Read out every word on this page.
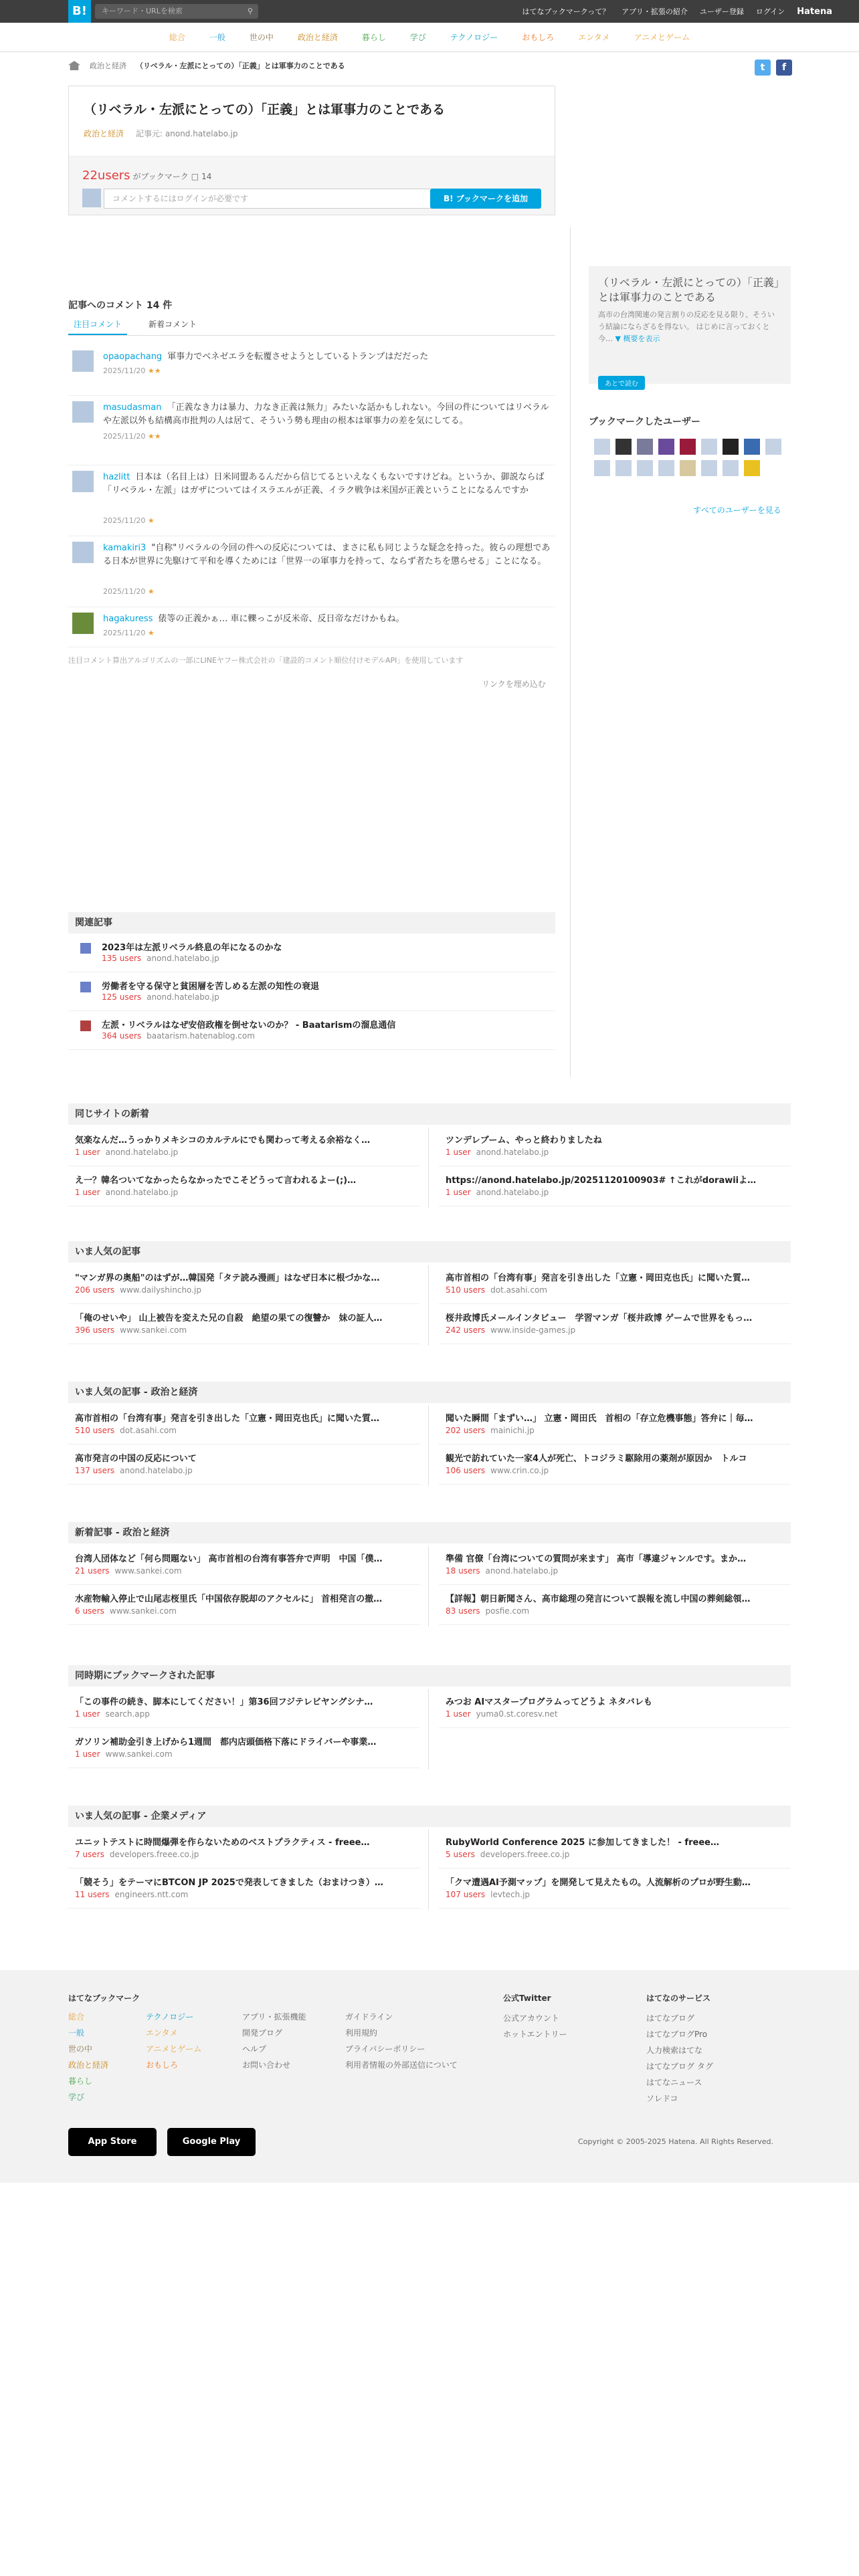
B!	キーワード・URLを検索	⚲	はてなブックマークって？ アプリ・拡張の紹介 ユーザー登録 ログイン Hatena
総合	一般	世の中	政治と経済	暮らし	学び	テクノロジー	おもしろ	エンタメ	アニメとゲーム
政治と経済 （リベラル・左派にとっての）「正義」とは軍事力のことである	t	f
（リベラル・左派にとっての）「正義」とは軍事力のことである
政治と経済 記事元: anond.hatelabo.jp
22users がブックマーク □ 14
コメントするにはログインが必要です	B! ブックマークを追加
記事へのコメント 14 件
注目コメント	新着コメント
opaopachang 軍事力でベネゼエラを転覆させようとしているトランプはだだった
2025/11/20 ★★
masudasman 「正義なき力は暴力、力なき正義は無力」みたいな話かもしれない。今回の件についてはリベラルや左派以外も結構高市批判の人は居て、そういう勢も理由の根本は軍事力の差を気にしてる。
2025/11/20 ★★
hazlitt 日本は（名目上は）日米同盟あるんだから信じてるといえなくもないですけどね。というか、御説ならば「リベラル・左派」はガザについてはイスラエルが正義、イラク戦争は米国が正義ということになるんですか
2025/11/20 ★
kamakiri3 "自称"リベラルの今回の件への反応については、まさに私も同じような疑念を持った。彼らの理想である日本が世界に先駆けて平和を導くためには「世界一の軍事力を持って、ならず者たちを懲らせる」ことになる。
2025/11/20 ★
hagakuress 俵等の正義かぁ… 車に轢っこが反米帝、反日帝なだけかもね。
2025/11/20 ★
注目コメント算出アルゴリズムの一部にLINEヤフー株式会社の「建設的コメント順位付けモデルAPI」を使用しています
リンクを埋め込む
関連記事
2023年は左派リベラル終息の年になるのかな
135 users anond.hatelabo.jp
労働者を守る保守と貧困層を苦しめる左派の知性の衰退
125 users anond.hatelabo.jp
左派・リベラルはなぜ安倍政権を倒せないのか？ - Baatarismの溜息通信
364 users baatarism.hatenablog.com
（リベラル・左派にとっての）「正義」とは軍事力のことである
高市の台湾関連の発言割りの反応を見る限り、そういう結論にならざるを得ない。 はじめに言っておくと今… ▼ 概要を表示
あとで読む
ブックマークしたユーザー
すべてのユーザーを見る
同じサイトの新着
気楽なんだ…うっかりメキシコのカルテルにでも関わって考える余裕なく…
1 user anond.hatelabo.jp
ツンデレブーム、やっと終わりましたね
1 user anond.hatelabo.jp
え一？韓名ついてなかったらなかったでこそどうって言われるよー(;)…
1 user anond.hatelabo.jp
https://anond.hatelabo.jp/20251120100903# ↑これがdorawiiよ…
1 user anond.hatelabo.jp
いま人気の記事
"マンガ界の奥船"のはずが…韓国発「タテ読み漫画」はなぜ日本に根づかな…
206 users www.dailyshincho.jp
高市首相の「台湾有事」発言を引き出した「立憲・岡田克也氏」に聞いた質…
510 users dot.asahi.com
「俺のせいや」 山上被告を変えた兄の自殺　絶望の果ての復讐か　妹の証人…
396 users www.sankei.com
桜井政博氏メールインタビュー　学習マンガ「桜井政博 ゲームで世界をもっ…
242 users www.inside-games.jp
いま人気の記事 - 政治と経済
高市首相の「台湾有事」発言を引き出した「立憲・岡田克也氏」に聞いた質…
510 users dot.asahi.com
聞いた瞬間「まずい…」 立憲・岡田氏　首相の「存立危機事態」答弁に｜毎…
202 users mainichi.jp
高市発言の中国の反応について
137 users anond.hatelabo.jp
観光で訪れていた一家4人が死亡、トコジラミ駆除用の薬剤が原因か　トルコ
106 users www.crin.co.jp
新着記事 - 政治と経済
台湾人団体など「何ら問題ない」 高市首相の台湾有事答弁で声明　中国「僕…
21 users www.sankei.com
準備 官僚「台湾についての質問が来ます」 高市「導違ジャンルです。まか…
18 users anond.hatelabo.jp
水産物輸入停止で山尾志桜里氏「中国依存脱却のアクセルに」 首相発言の撤…
6 users www.sankei.com
【詳報】朝日新聞さん、高市総理の発言について誤報を流し中国の葬剣総領…
83 users posfie.com
同時期にブックマークされた記事
「この事件の続き、脚本にしてください！」第36回フジテレビヤングシナ…
1 user search.app
みつお AIマスタープログラムってどうよ ネタバレも
1 user yuma0.st.coresv.net
ガソリン補助金引き上げから1週間　都内店頭価格下落にドライバーや事業…
1 user www.sankei.com
いま人気の記事 - 企業メディア
ユニットテストに時間爆弾を作らないためのベストプラクティス - freee…
7 users developers.freee.co.jp
RubyWorld Conference 2025 に参加してきました！ - freee…
5 users developers.freee.co.jp
「競そう」をテーマにBTCON JP 2025で発表してきました（おまけつき）…
11 users engineers.ntt.com
「クマ遭遇AI予測マップ」を開発して見えたもの。人流解析のプロが野生動…
107 users levtech.jp
はてなブックマーク
総合
一般
世の中
政治と経済
暮らし
学び
テクノロジー
エンタメ
アニメとゲーム
おもしろ
アプリ・拡張機能
開発ブログ
ヘルプ
お問い合わせ
ガイドライン
利用規約
プライバシーポリシー
利用者情報の外部送信について
公式Twitter
公式アカウント
ホットエントリー
はてなのサービス
はてなブログ
はてなブログPro
人力検索はてな
はてなブログ タグ
はてなニュース
ソレドコ
App Store	Google Play	Copyright © 2005-2025 Hatena. All Rights Reserved.
